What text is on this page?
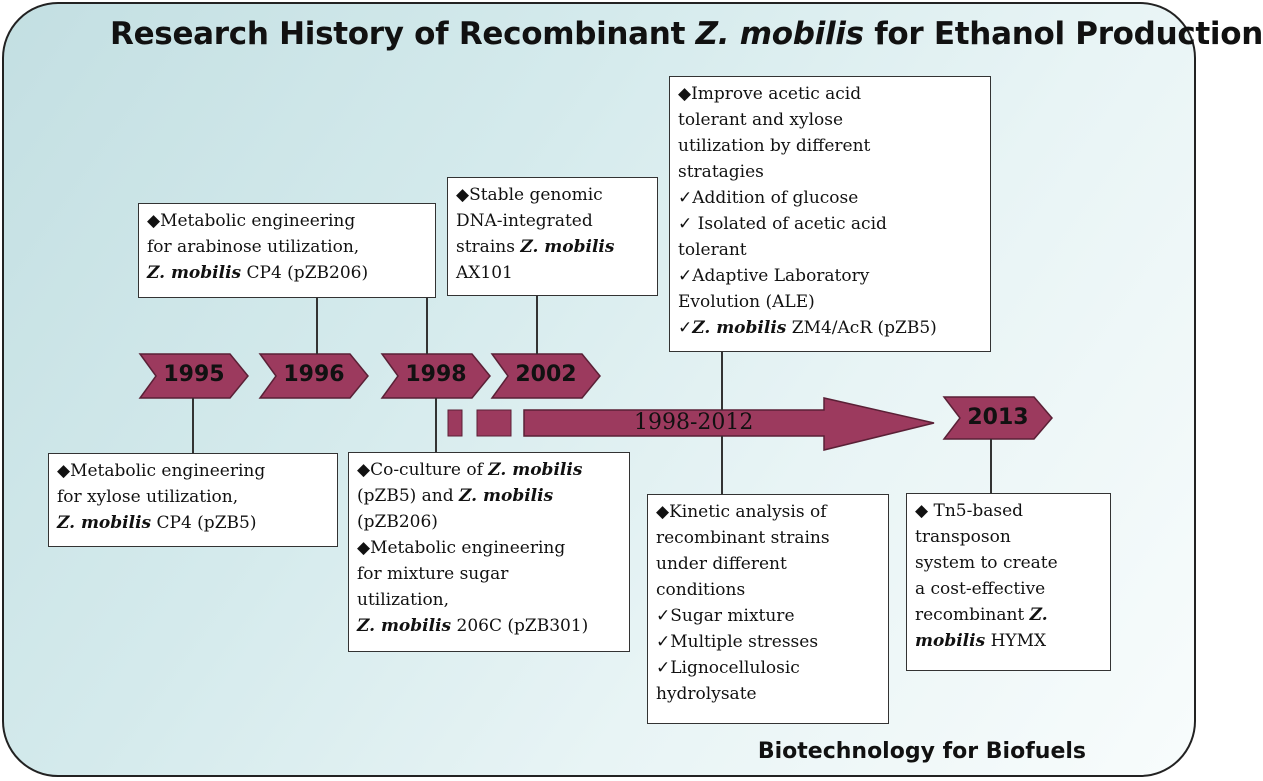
Research History of Recombinant Z. mobilis for Ethanol Production
1995	1996	1998	2002
2013
1998-2012
◆Metabolic engineering
for xylose utilization,
Z. mobilis CP4 (pZB5)
◆Metabolic engineering
for arabinose utilization,
Z. mobilis CP4 (pZB206)
◆Stable genomic
DNA-integrated
strains Z. mobilis
AX101
◆Co-culture of Z. mobilis
(pZB5) and Z. mobilis
(pZB206)
◆Metabolic engineering
for mixture sugar
utilization,
Z. mobilis 206C (pZB301)
◆Improve acetic acid
tolerant and xylose
utilization by different
stratagies
✓Addition of glucose
✓ Isolated of acetic acid
tolerant
✓Adaptive Laboratory
Evolution (ALE)
✓Z. mobilis ZM4/AcR (pZB5)
◆Kinetic analysis of
recombinant strains
under different
conditions
✓Sugar mixture
✓Multiple stresses
✓Lignocellulosic
hydrolysate
◆ Tn5-based
transposon
system to create
a cost-effective
recombinant Z.
mobilis HYMX
Biotechnology for Biofuels
